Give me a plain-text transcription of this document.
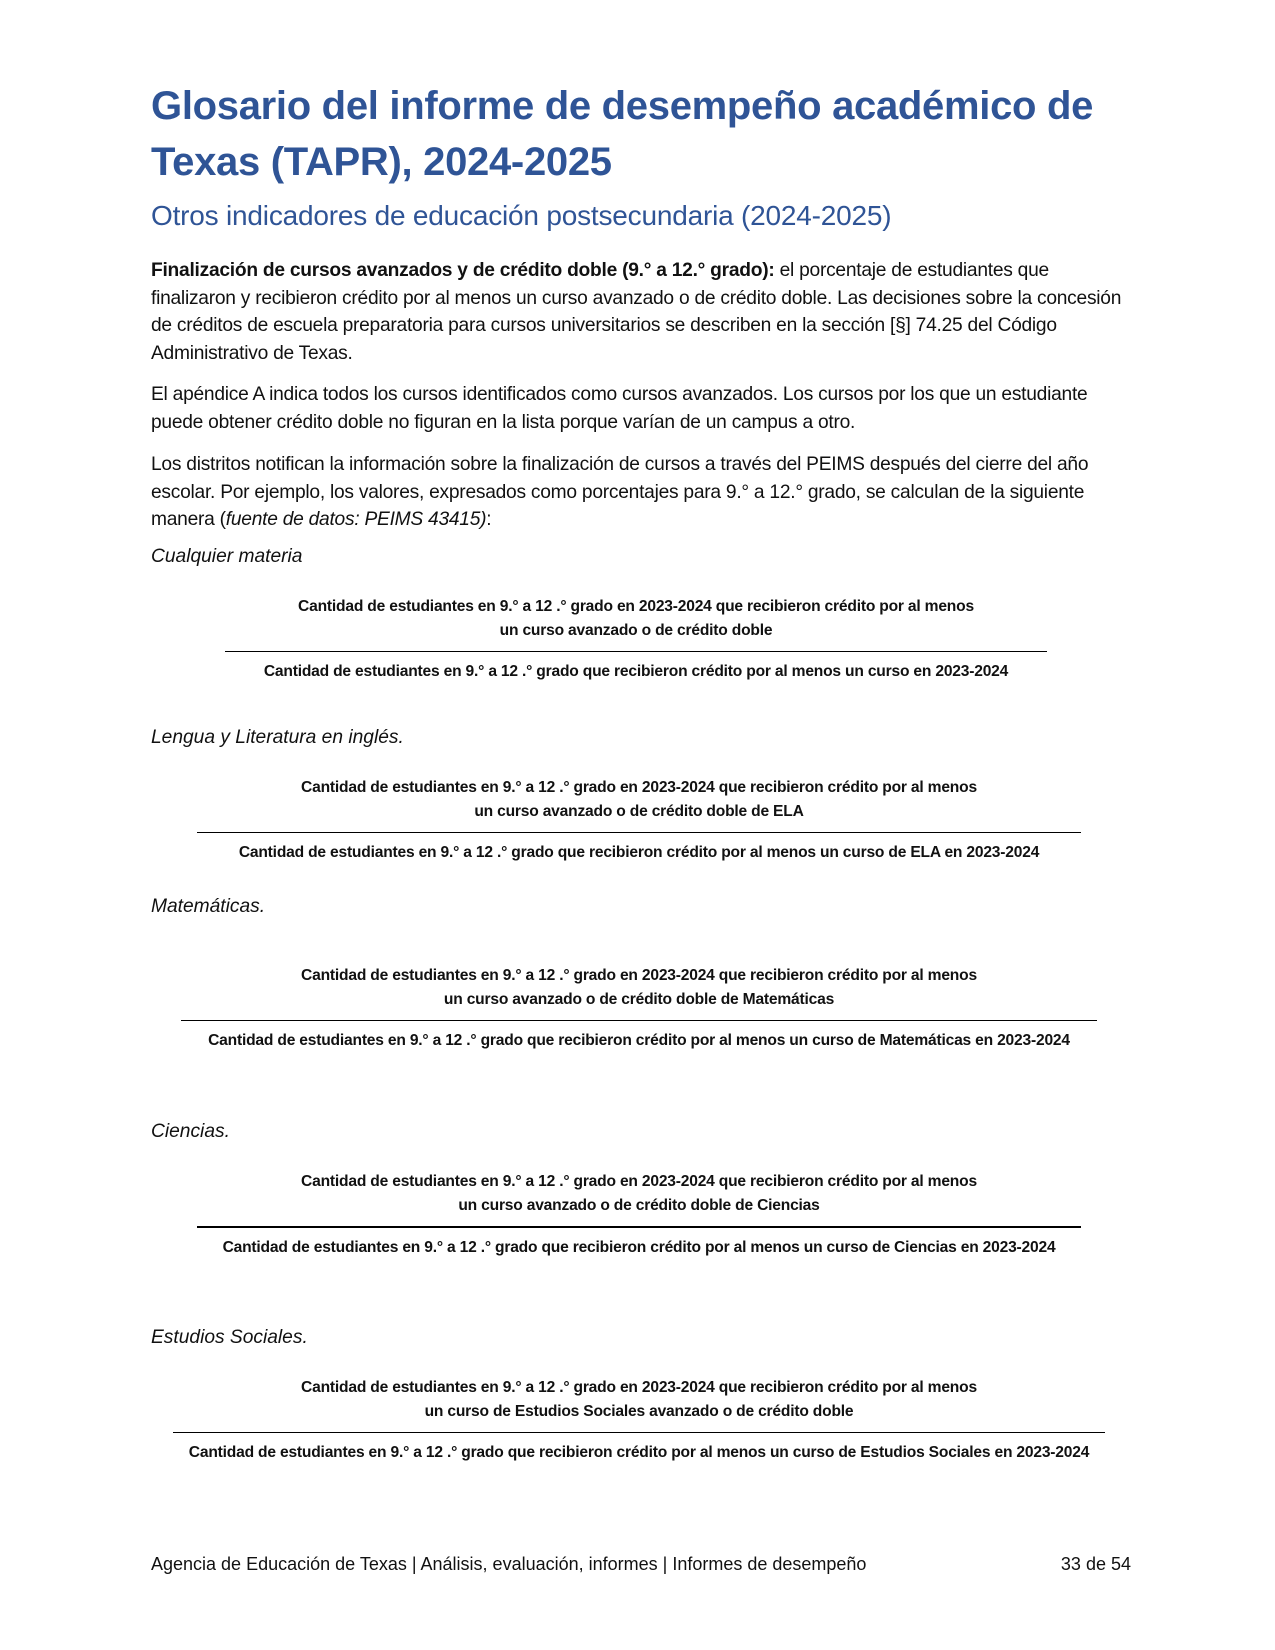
Glosario del informe de desempeño académico de Texas (TAPR), 2024-2025
Otros indicadores de educación postsecundaria (2024-2025)

Finalización de cursos avanzados y de crédito doble (9.° a 12.° grado): el porcentaje de estudiantes que finalizaron y recibieron crédito por al menos un curso avanzado o de crédito doble. Las decisiones sobre la concesión de créditos de escuela preparatoria para cursos universitarios se describen en la sección [§] 74.25 del Código Administrativo de Texas.

El apéndice A indica todos los cursos identificados como cursos avanzados. Los cursos por los que un estudiante puede obtener crédito doble no figuran en la lista porque varían de un campus a otro.

Los distritos notifican la información sobre la finalización de cursos a través del PEIMS después del cierre del año escolar. Por ejemplo, los valores, expresados como porcentajes para 9.° a 12.° grado, se calculan de la siguiente manera (fuente de datos: PEIMS 43415):

Cualquier materia

Cantidad de estudiantes en 9.° a 12 .° grado en 2023-2024 que recibieron crédito por al menos
un curso avanzado o de crédito doble
Cantidad de estudiantes en 9.° a 12 .° grado que recibieron crédito por al menos un curso en 2023-2024

Lengua y Literatura en inglés.

Cantidad de estudiantes en 9.° a 12 .° grado en 2023-2024 que recibieron crédito por al menos
un curso avanzado o de crédito doble de ELA
Cantidad de estudiantes en 9.° a 12 .° grado que recibieron crédito por al menos un curso de ELA en 2023-2024

Matemáticas.

Cantidad de estudiantes en 9.° a 12 .° grado en 2023-2024 que recibieron crédito por al menos
un curso avanzado o de crédito doble de Matemáticas
Cantidad de estudiantes en 9.° a 12 .° grado que recibieron crédito por al menos un curso de Matemáticas en 2023-2024

Ciencias.

Cantidad de estudiantes en 9.° a 12 .° grado en 2023-2024 que recibieron crédito por al menos
un curso avanzado o de crédito doble de Ciencias
Cantidad de estudiantes en 9.° a 12 .° grado que recibieron crédito por al menos un curso de Ciencias en 2023-2024

Estudios Sociales.

Cantidad de estudiantes en 9.° a 12 .° grado en 2023-2024 que recibieron crédito por al menos
un curso de Estudios Sociales avanzado o de crédito doble
Cantidad de estudiantes en 9.° a 12 .° grado que recibieron crédito por al menos un curso de Estudios Sociales en 2023-2024
Agencia de Educación de Texas | Análisis, evaluación, informes | Informes de desempeño	33 de 54
